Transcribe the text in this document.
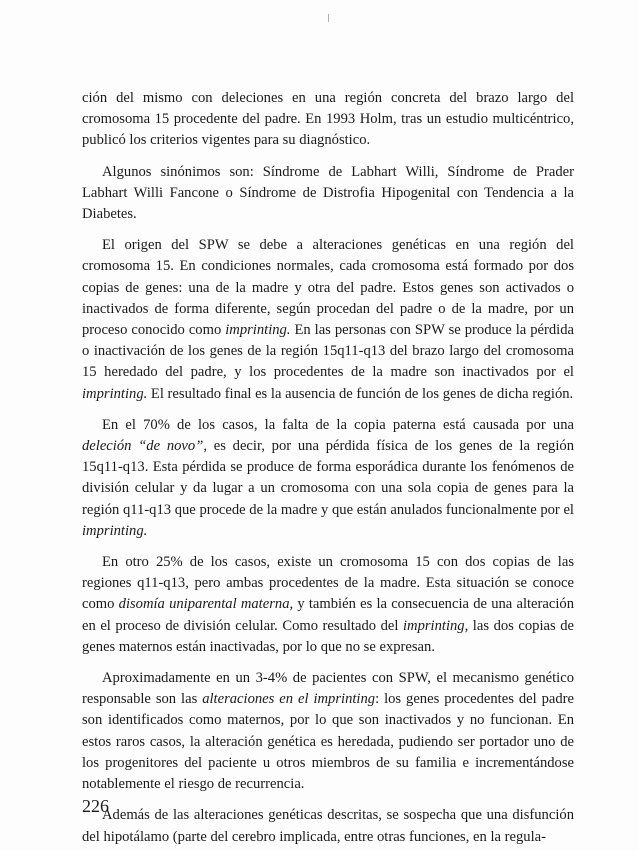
ción del mismo con deleciones en una región concreta del brazo largo del cromosoma 15 procedente del padre. En 1993 Holm, tras un estudio multicéntrico, publicó los criterios vigentes para su diagnóstico.

Algunos sinónimos son: Síndrome de Labhart Willi, Síndrome de Prader Labhart Willi Fancone o Síndrome de Distrofia Hipogenital con Tendencia a la Diabetes.

El origen del SPW se debe a alteraciones genéticas en una región del cromosoma 15. En condiciones normales, cada cromosoma está formado por dos copias de genes: una de la madre y otra del padre. Estos genes son activados o inactivados de forma diferente, según procedan del padre o de la madre, por un proceso conocido como imprinting. En las personas con SPW se produce la pérdida o inactivación de los genes de la región 15q11-q13 del brazo largo del cromosoma 15 heredado del padre, y los procedentes de la madre son inactivados por el imprinting. El resultado final es la ausencia de función de los genes de dicha región.

En el 70% de los casos, la falta de la copia paterna está causada por una deleción “de novo”, es decir, por una pérdida física de los genes de la región 15q11-q13. Esta pérdida se produce de forma esporádica durante los fenómenos de división celular y da lugar a un cromosoma con una sola copia de genes para la región q11-q13 que procede de la madre y que están anulados funcionalmente por el imprinting.

En otro 25% de los casos, existe un cromosoma 15 con dos copias de las regiones q11-q13, pero ambas procedentes de la madre. Esta situación se conoce como disomía uniparental materna, y también es la consecuencia de una alteración en el proceso de división celular. Como resultado del imprinting, las dos copias de genes maternos están inactivadas, por lo que no se expresan.

Aproximadamente en un 3-4% de pacientes con SPW, el mecanismo genético responsable son las alteraciones en el imprinting: los genes procedentes del padre son identificados como maternos, por lo que son inactivados y no funcionan. En estos raros casos, la alteración genética es heredada, pudiendo ser portador uno de los progenitores del paciente u otros miembros de su familia e incrementándose notablemente el riesgo de recurrencia.

Además de las alteraciones genéticas descritas, se sospecha que una disfunción del hipotálamo (parte del cerebro implicada, entre otras funciones, en la regula-

226
